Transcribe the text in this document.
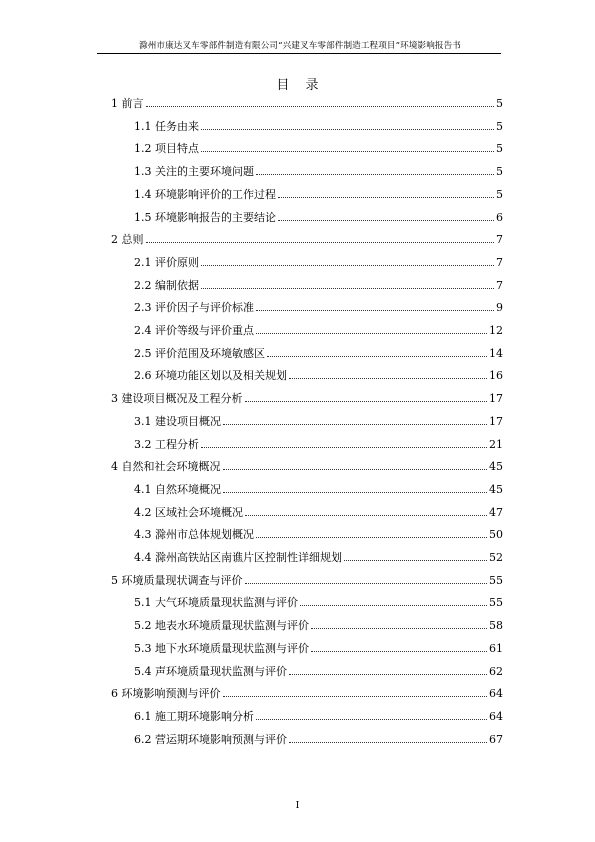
滁州市康达叉车零部件制造有限公司“兴建叉车零部件制造工程项目”环境影响报告书
目 录
1 前言	5
1.1 任务由来	5
1.2 项目特点	5
1.3 关注的主要环境问题	5
1.4 环境影响评价的工作过程	5
1.5 环境影响报告的主要结论	6
2 总则	7
2.1 评价原则	7
2.2 编制依据	7
2.3 评价因子与评价标准	9
2.4 评价等级与评价重点	12
2.5 评价范围及环境敏感区	14
2.6 环境功能区划以及相关规划	16
3 建设项目概况及工程分析	17
3.1 建设项目概况	17
3.2 工程分析	21
4 自然和社会环境概况	45
4.1 自然环境概况	45
4.2 区域社会环境概况	47
4.3 滁州市总体规划概况	50
4.4 滁州高铁站区南谯片区控制性详细规划	52
5 环境质量现状调查与评价	55
5.1 大气环境质量现状监测与评价	55
5.2 地表水环境质量现状监测与评价	58
5.3 地下水环境质量现状监测与评价	61
5.4 声环境质量现状监测与评价	62
6 环境影响预测与评价	64
6.1 施工期环境影响分析	64
6.2 营运期环境影响预测与评价	67
I
